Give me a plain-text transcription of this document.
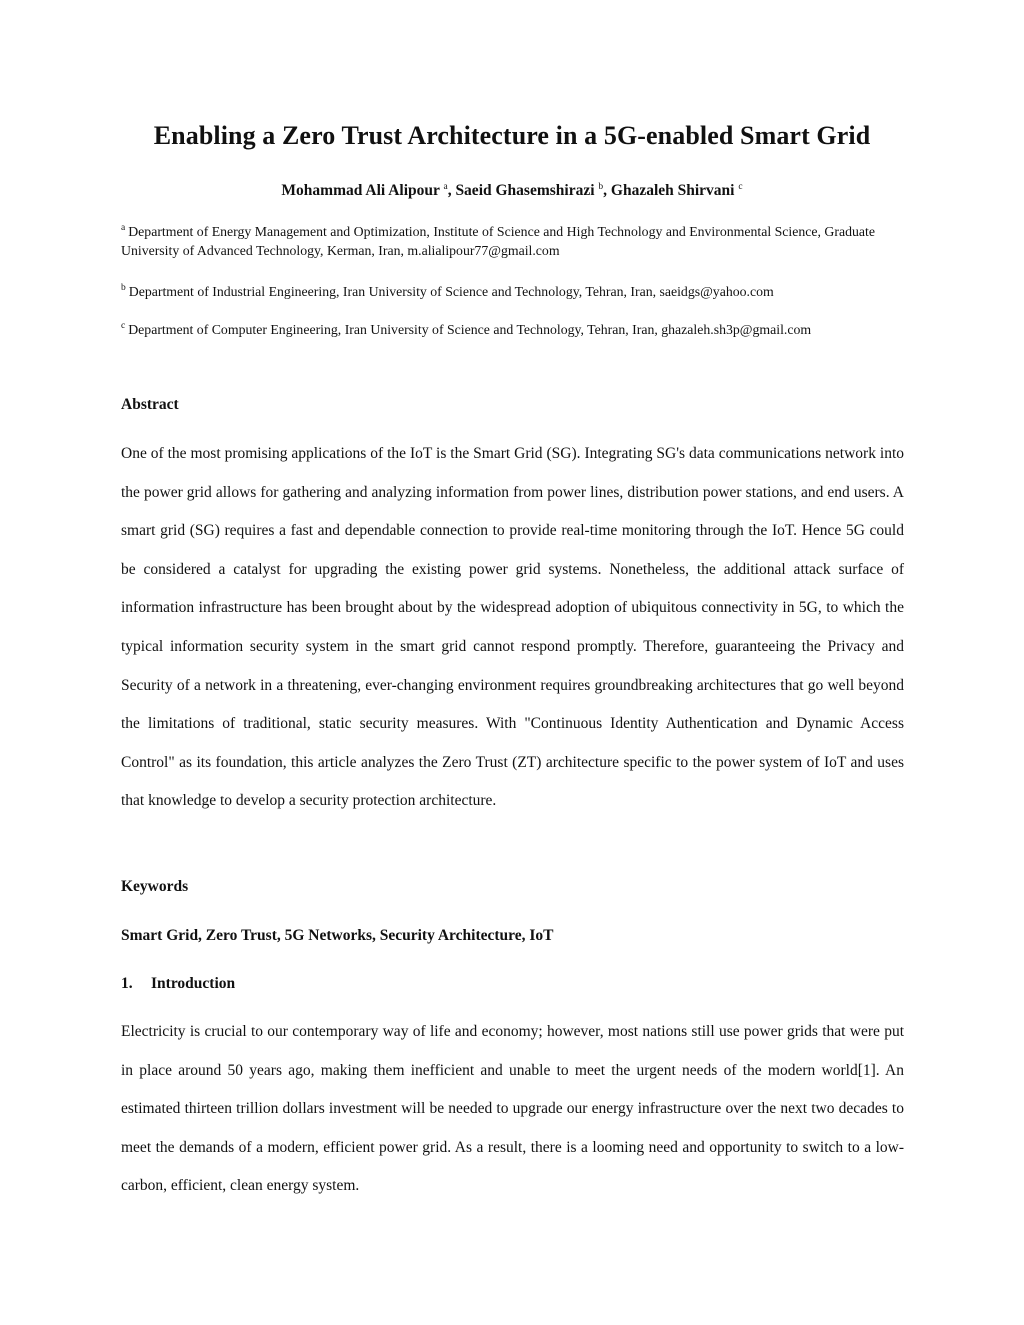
Enabling a Zero Trust Architecture in a 5G-enabled Smart Grid
Mohammad Ali Alipour $^a$, Saeid Ghasemshirazi $^b$, Ghazaleh Shirvani $^c$
$^a$ Department of Energy Management and Optimization, Institute of Science and High Technology and Environmental Science, Graduate University of Advanced Technology, Kerman, Iran, m.alialipour77@gmail.com
$^b$ Department of Industrial Engineering, Iran University of Science and Technology, Tehran, Iran, saeidgs@yahoo.com
$^c$ Department of Computer Engineering, Iran University of Science and Technology, Tehran, Iran, ghazaleh.sh3p@gmail.com
Abstract

One of the most promising applications of the IoT is the Smart Grid (SG). Integrating SG's data communications network into the power grid allows for gathering and analyzing information from power lines, distribution power stations, and end users. A smart grid (SG) requires a fast and dependable connection to provide real-time monitoring through the IoT. Hence 5G could be considered a catalyst for upgrading the existing power grid systems. Nonetheless, the additional attack surface of information infrastructure has been brought about by the widespread adoption of ubiquitous connectivity in 5G, to which the typical information security system in the smart grid cannot respond promptly. Therefore, guaranteeing the Privacy and Security of a network in a threatening, ever-changing environment requires groundbreaking architectures that go well beyond the limitations of traditional, static security measures. With "Continuous Identity Authentication and Dynamic Access Control" as its foundation, this article analyzes the Zero Trust (ZT) architecture specific to the power system of IoT and uses that knowledge to develop a security protection architecture.

Keywords
Smart Grid, Zero Trust, 5G Networks, Security Architecture, IoT
1. Introduction

Electricity is crucial to our contemporary way of life and economy; however, most nations still use power grids that were put in place around 50 years ago, making them inefficient and unable to meet the urgent needs of the modern world[1]. An estimated thirteen trillion dollars investment will be needed to upgrade our energy infrastructure over the next two decades to meet the demands of a modern, efficient power grid. As a result, there is a looming need and opportunity to switch to a low-carbon, efficient, clean energy system.
